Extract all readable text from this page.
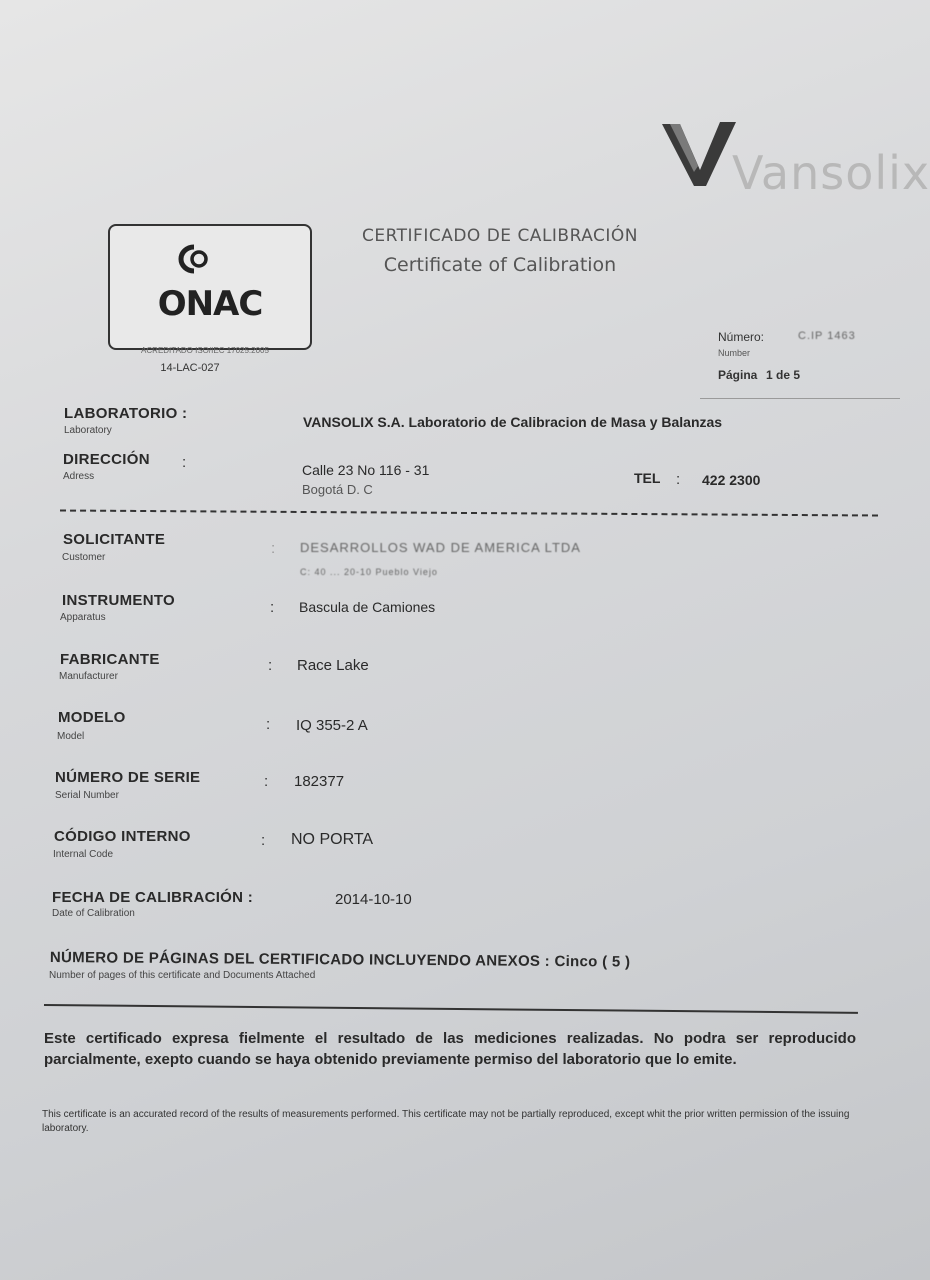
ONAC
ACREDITADO ISO/IEC 17025:2005
14-LAC-027
CERTIFICADO DE CALIBRACIÓN
Certificate of Calibration
Vansolix
Número:	C.IP 1463
Number
Página 1 de 5
LABORATORIO :
Laboratory
VANSOLIX S.A. Laboratorio de Calibracion de Masa y Balanzas
DIRECCIÓN :
Adress	Calle 23 No 116 - 31
Bogotá D. C
TEL : 422 2300
SOLICITANTE
Customer
: DESARROLLOS WAD DE AMERICA LTDA
C: 40 ... 20-10 Pueblo Viejo
INSTRUMENTO
Apparatus
: Bascula de Camiones
FABRICANTE
Manufacturer
: Race Lake
MODELO
Model
: IQ 355-2 A
NÚMERO DE SERIE
Serial Number
: 182377
CÓDIGO INTERNO
Internal Code
: NO PORTA
FECHA DE CALIBRACIÓN :
Date of Calibration
2014-10-10
NÚMERO DE PÁGINAS DEL CERTIFICADO INCLUYENDO ANEXOS : Cinco ( 5 )
Number of pages of this certificate and Documents Attached
Este certificado expresa fielmente el resultado de las mediciones realizadas. No podra ser reproducido parcialmente, exepto cuando se haya obtenido previamente permiso del laboratorio que lo emite.
This certificate is an accurated record of the results of measurements performed. This certificate may not be partially reproduced, except whit the prior written permission of the issuing laboratory.
